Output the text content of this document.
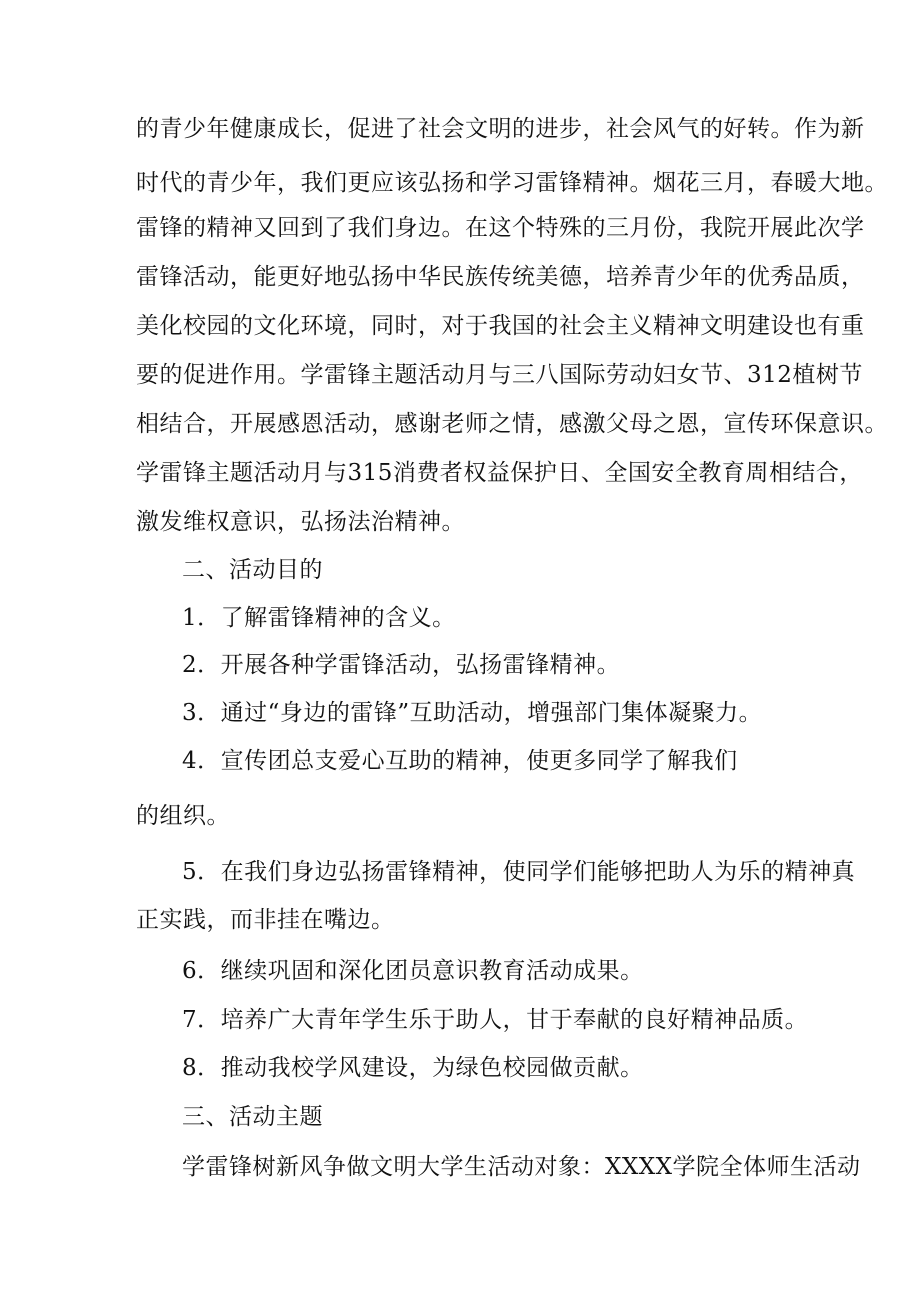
的青少年健康成长，促进了社会文明的进步，社会风气的好转。作为新
时代的青少年，我们更应该弘扬和学习雷锋精神。烟花三月，春暖大地。
雷锋的精神又回到了我们身边。在这个特殊的三月份，我院开展此次学
雷锋活动，能更好地弘扬中华民族传统美德，培养青少年的优秀品质，
美化校园的文化环境，同时，对于我国的社会主义精神文明建设也有重
要的促进作用。学雷锋主题活动月与三八国际劳动妇女节、312植树节
相结合，开展感恩活动，感谢老师之情，感激父母之恩，宣传环保意识。
学雷锋主题活动月与315消费者权益保护日、全国安全教育周相结合，
激发维权意识，弘扬法治精神。
二、活动目的
1．了解雷锋精神的含义。
2．开展各种学雷锋活动，弘扬雷锋精神。
3．通过“身边的雷锋”互助活动，增强部门集体凝聚力。
4．宣传团总支爱心互助的精神，使更多同学了解我们
的组织。
5．在我们身边弘扬雷锋精神，使同学们能够把助人为乐的精神真
正实践，而非挂在嘴边。
6．继续巩固和深化团员意识教育活动成果。
7．培养广大青年学生乐于助人，甘于奉献的良好精神品质。
8．推动我校学风建设，为绿色校园做贡献。
三、活动主题
学雷锋树新风争做文明大学生活动对象：XXXX学院全体师生活动
